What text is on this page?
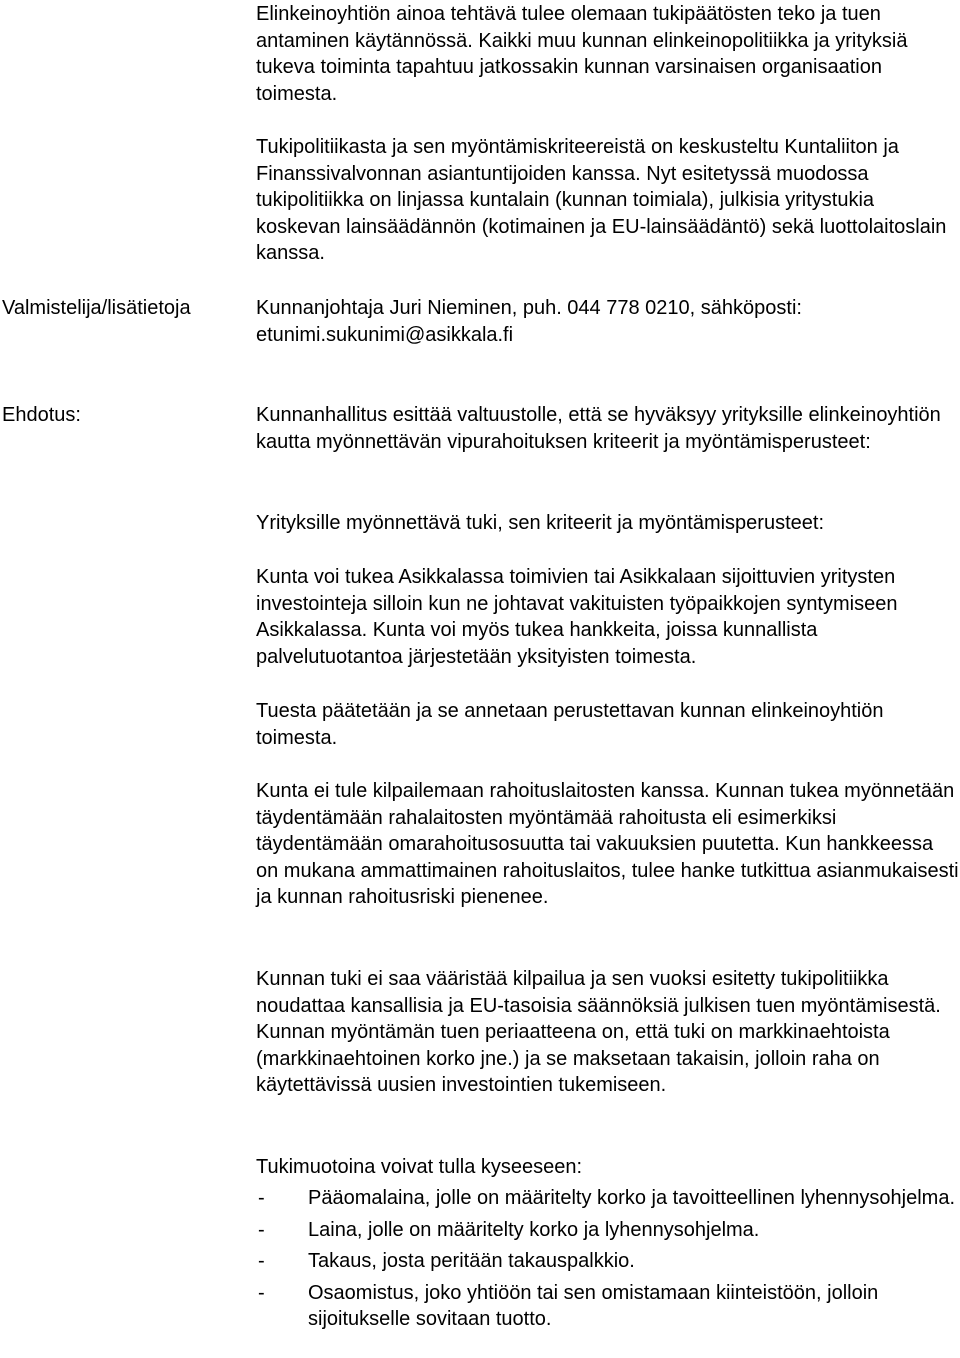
Elinkeinoyhtiön ainoa tehtävä tulee olemaan tukipäätösten teko ja tuen antaminen käytännössä. Kaikki muu kunnan elinkeinopolitiikka ja yrityksiä tukeva toiminta tapahtuu jatkossakin kunnan varsinaisen organisaation toimesta.

Tukipolitiikasta ja sen myöntämiskriteereistä on keskusteltu Kuntaliiton ja Finanssivalvonnan asiantuntijoiden kanssa. Nyt esitetyssä muodossa tukipolitiikka on linjassa kuntalain (kunnan toimiala), julkisia yritystukia koskevan lainsäädännön (kotimainen ja EU-lainsäädäntö) sekä luottolaitoslain kanssa.

Valmistelija/lisätietoja	Kunnanjohtaja Juri Nieminen, puh. 044 778 0210, sähköposti: etunimi.sukunimi@asikkala.fi

Ehdotus:	Kunnanhallitus esittää valtuustolle, että se hyväksyy yrityksille elinkeinoyhtiön kautta myönnettävän vipurahoituksen kriteerit ja myöntämisperusteet:

Yrityksille myönnettävä tuki, sen kriteerit ja myöntämisperusteet:

Kunta voi tukea Asikkalassa toimivien tai Asikkalaan sijoittuvien yritysten investointeja silloin kun ne johtavat vakituisten työpaikkojen syntymiseen Asikkalassa. Kunta voi myös tukea hankkeita, joissa kunnallista palvelutuotantoa järjestetään yksityisten toimesta.

Tuesta päätetään ja se annetaan perustettavan kunnan elinkeinoyhtiön toimesta.

Kunta ei tule kilpailemaan rahoituslaitosten kanssa. Kunnan tukea myönnetään täydentämään rahalaitosten myöntämää rahoitusta eli esimerkiksi täydentämään omarahoitusosuutta tai vakuuksien puutetta. Kun hankkeessa on mukana ammattimainen rahoituslaitos, tulee hanke tutkittua asianmukaisesti ja kunnan rahoitusriski pienenee.

Kunnan tuki ei saa vääristää kilpailua ja sen vuoksi esitetty tukipolitiikka noudattaa kansallisia ja EU-tasoisia säännöksiä julkisen tuen myöntämisestä. Kunnan myöntämän tuen periaatteena on, että tuki on markkinaehtoista (markkinaehtoinen korko jne.) ja se maksetaan takaisin, jolloin raha on käytettävissä uusien investointien tukemiseen.

Tukimuotoina voivat tulla kyseeseen:

- Pääomalaina, jolle on määritelty korko ja tavoitteellinen lyhennysohjelma.
- Laina, jolle on määritelty korko ja lyhennysohjelma.
- Takaus, josta peritään takauspalkkio.
- Osaomistus, joko yhtiöön tai sen omistamaan kiinteistöön, jolloin sijoitukselle sovitaan tuotto.
